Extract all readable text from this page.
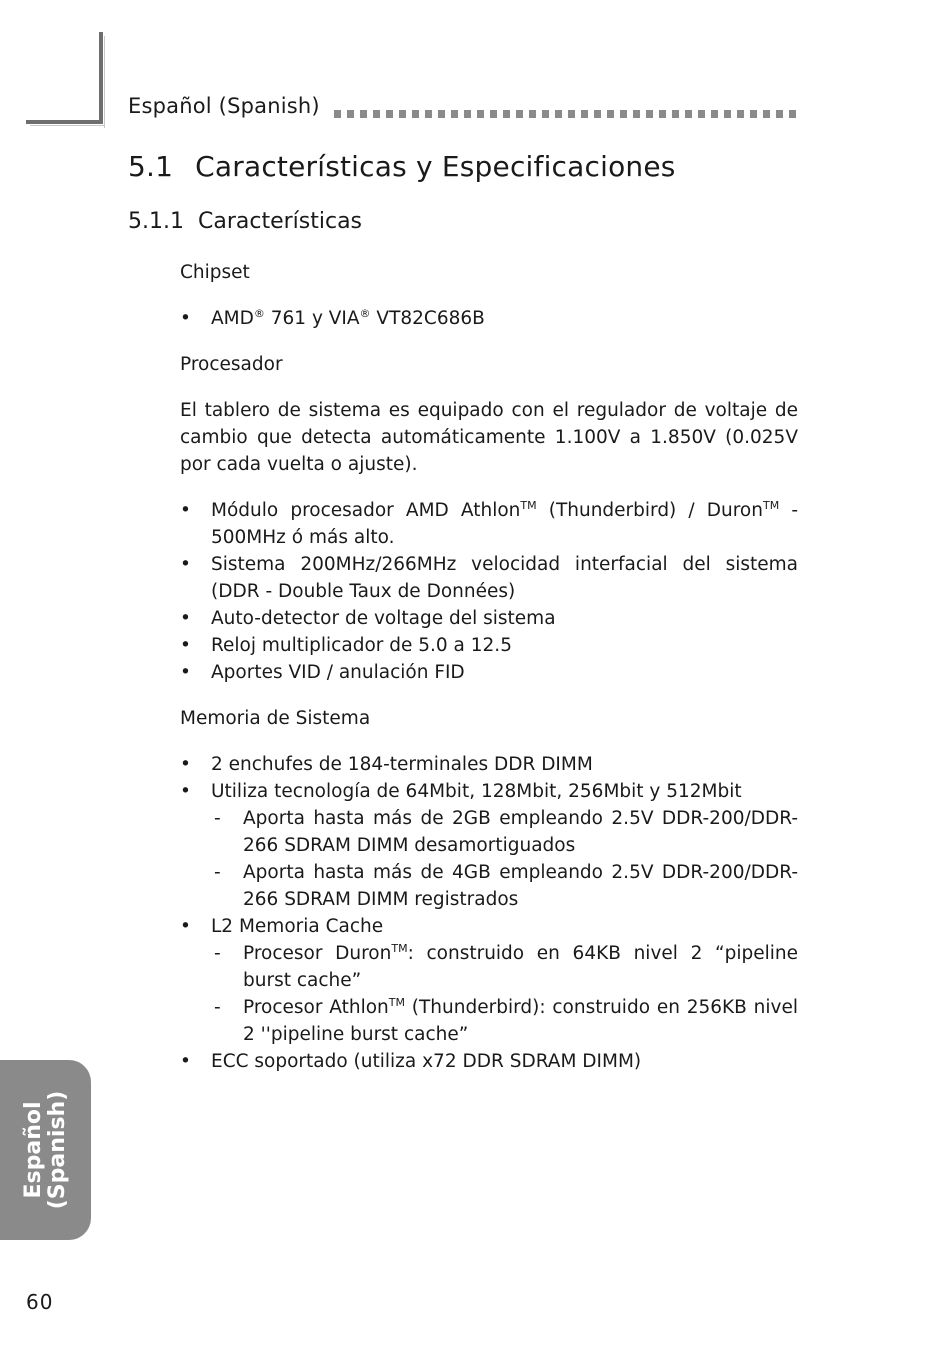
Español (Spanish)
5.1 Características y Especificaciones
5.1.1 Características
Chipset
• AMD® 761 y VIA® VT82C686B
Procesador

El tablero de sistema es equipado con el regulador de voltaje de cambio que detecta automáticamente 1.100V a 1.850V (0.025V por cada vuelta o ajuste).

• Módulo procesador AMD Athlon™ (Thunderbird) / Duron™ - 500MHz ó más alto.
• Sistema 200MHz/266MHz velocidad interfacial del sistema (DDR - Double Taux de Données)
• Auto-detector de voltage del sistema
• Reloj multiplicador de 5.0 a 12.5
• Aportes VID / anulación FID
Memoria de Sistema
• 2 enchufes de 184-terminales DDR DIMM
• Utiliza tecnología de 64Mbit, 128Mbit, 256Mbit y 512Mbit
- Aporta hasta más de 2GB empleando 2.5V DDR-200/DDR-266 SDRAM DIMM desamortiguados
- Aporta hasta más de 4GB empleando 2.5V DDR-200/DDR-266 SDRAM DIMM registrados
• L2 Memoria Cache
- Procesor Duron™: construido en 64KB nivel 2 “pipeline burst cache”
- Procesor Athlon™ (Thunderbird): construido en 256KB nivel 2 ''pipeline burst cache”
• ECC soportado (utiliza x72 DDR SDRAM DIMM)
Español (Spanish)
60
